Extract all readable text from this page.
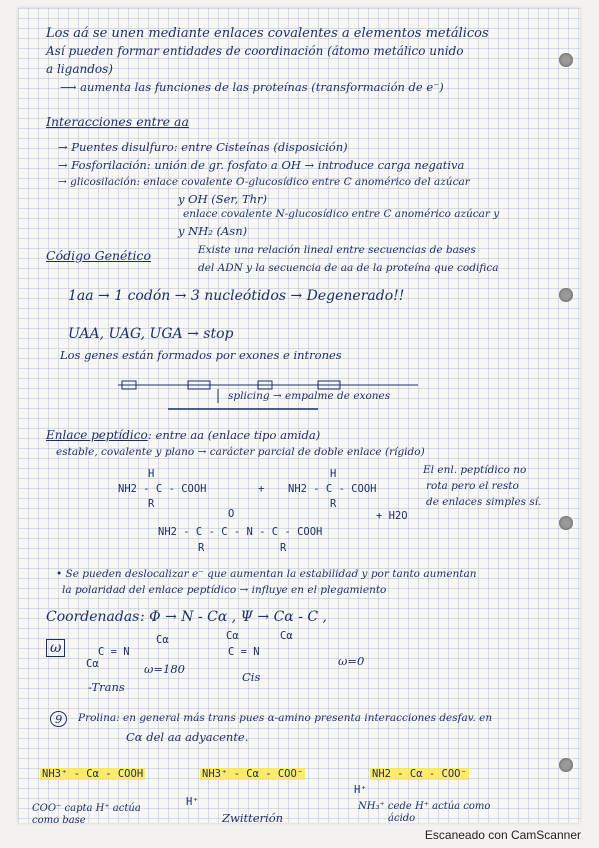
Los aá se unen mediante enlaces covalentes a elementos metálicos
Así pueden formar entidades de coordinación (átomo metálico unido
a ligandos)
⟶ aumenta las funciones de las proteínas (transformación de e⁻)
Interacciones entre aa
→ Puentes disulfuro: entre Cisteínas (disposición)
→ Fosforilación: unión de gr. fosfato a OH → introduce carga negativa
→ glicosilación: enlace covalente O-glucosídico entre C anomérico del azúcar
y OH (Ser, Thr)
enlace covalente N-glucosídico entre C anomérico azúcar y
y NH₂ (Asn)
Código Genético	Existe una relación lineal entre secuencias de bases
del ADN y la secuencia de aa de la proteína que codifica
1aa → 1 codón → 3 nucleótidos → Degenerado!!
UAA, UAG, UGA → stop
Los genes están formados por exones e intrones
splicing → empalme de exones
Enlace peptídico : entre aa (enlace tipo amida)
estable, covalente y plano → carácter parcial de doble enlace (rígido)
El enl. peptídico no
rota pero el resto
de enlaces simples sí.
H
NH2 - C - COOH
R
+
H
NH2 - C - COOH
R
O
NH2 - C - C - N - C - COOH
R	R
+ H2O
• Se pueden deslocalizar e⁻ que aumentan la estabilidad y por tanto aumentan
la polaridad del enlace peptídico → influye en el plegamiento
Coordenadas : Φ → N - Cα , Ψ → Cα - C ,
ω	C = N
Cα
Cα	ω=180
-Trans
Cα	Cα
C = N
Cis
ω=0
9	Prolina: en general más trans pues α-amino presenta interacciones desfav. en
Cα del aa adyacente.
NH3⁺ - Cα - COOH	NH3⁺ - Cα - COO⁻	NH2 - Cα - COO⁻
H⁺
H⁺
COO⁻ capta H⁺ actúa
como base	Zwitterión
NH₃⁺ cede H⁺ actúa como
ácido
Escaneado con CamScanner
